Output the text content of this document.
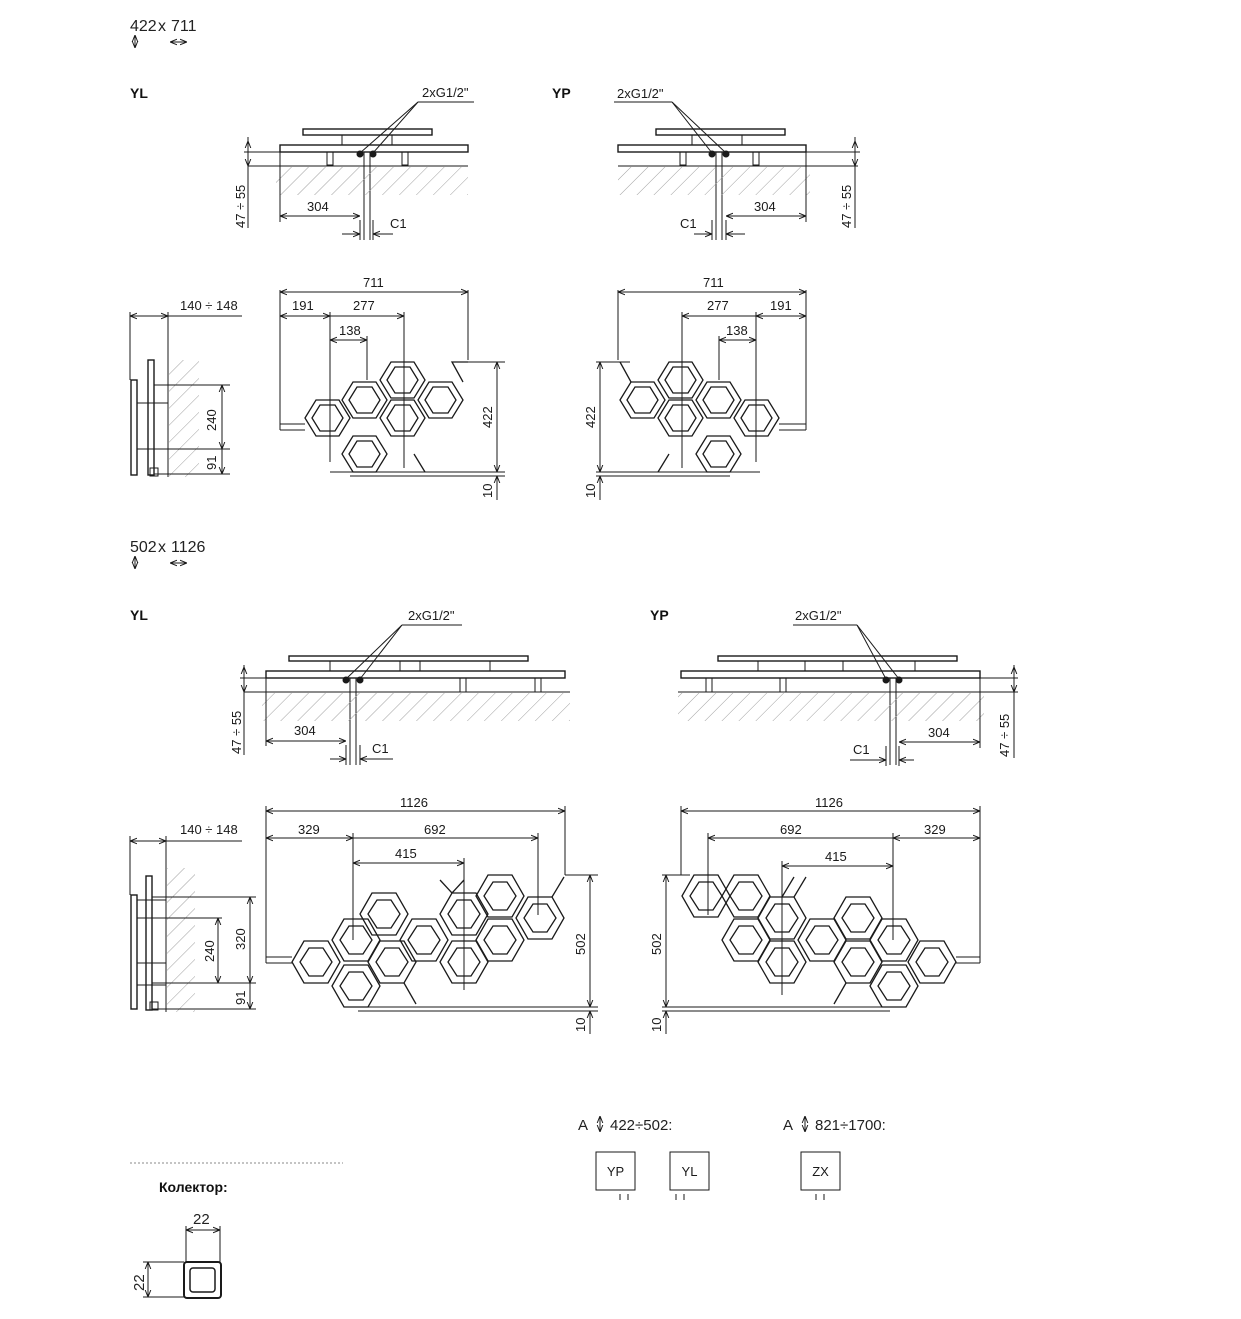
422 x 711
YL	2xG1/2"
47 ÷ 55	304
C1
YP	2xG1/2"
47 ÷ 55
304
C1
140 ÷ 148
240
91
711
191	277
138
422
10
711
277	191
138
422
10
502 x 1126
YL	2xG1/2"
47 ÷ 55	304
C1
YP	2xG1/2"
47 ÷ 55
304
C1
140 ÷ 148
240
320
91
1126
329	692
415
502
10
1126
692	329
415
502
10
A 422÷502:	A 821÷1700:
YP	YL	ZX
Колектор:
22
22
